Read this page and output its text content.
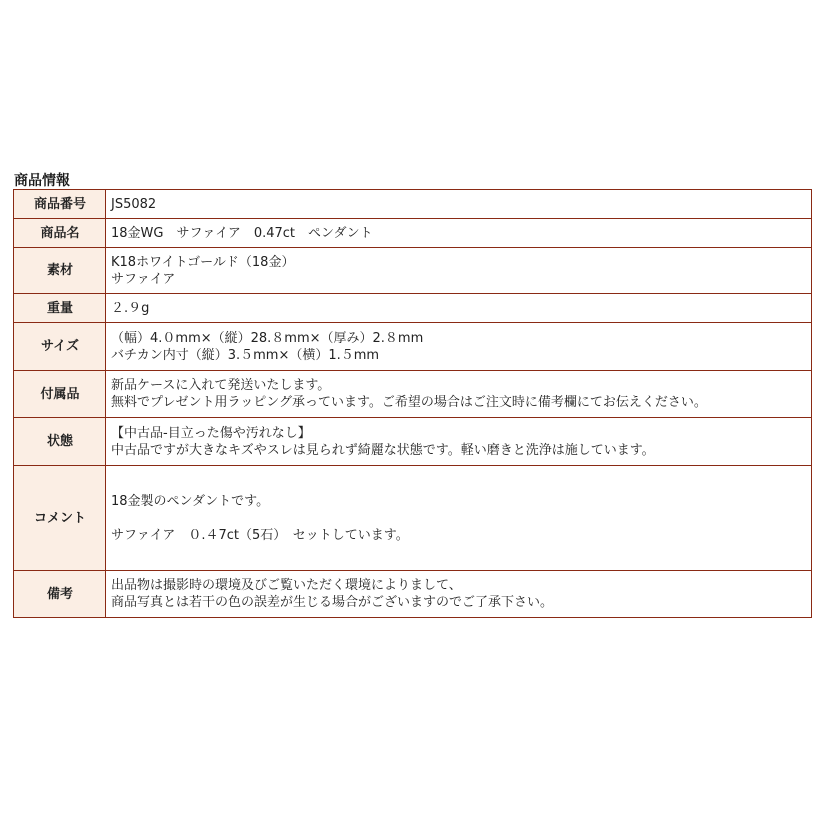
商品情報
商品番号	JS5082

商品名	18金WG　サファイア　0.47ct　ペンダント

素材	K18ホワイトゴールド（18金）
サファイア

重量	２.９g

サイズ	（幅）4.０mm×（縦）28.８mm×（厚み）2.８mm
バチカン内寸（縦）3.５mm×（横）1.５mm

付属品	新品ケースに入れて発送いたします。
無料でプレゼント用ラッピング承っています。ご希望の場合はご注文時に備考欄にてお伝えください。

状態	【中古品-目立った傷や汚れなし】
中古品ですが大きなキズやスレは見られず綺麗な状態です。軽い磨きと洗浄は施しています。

コメント	18金製のペンダントです。
サファイア　０.４7ct（5石）　セットしています。

備考	出品物は撮影時の環境及びご覧いただく環境によりまして、
商品写真とは若干の色の誤差が生じる場合がございますのでご了承下さい。
